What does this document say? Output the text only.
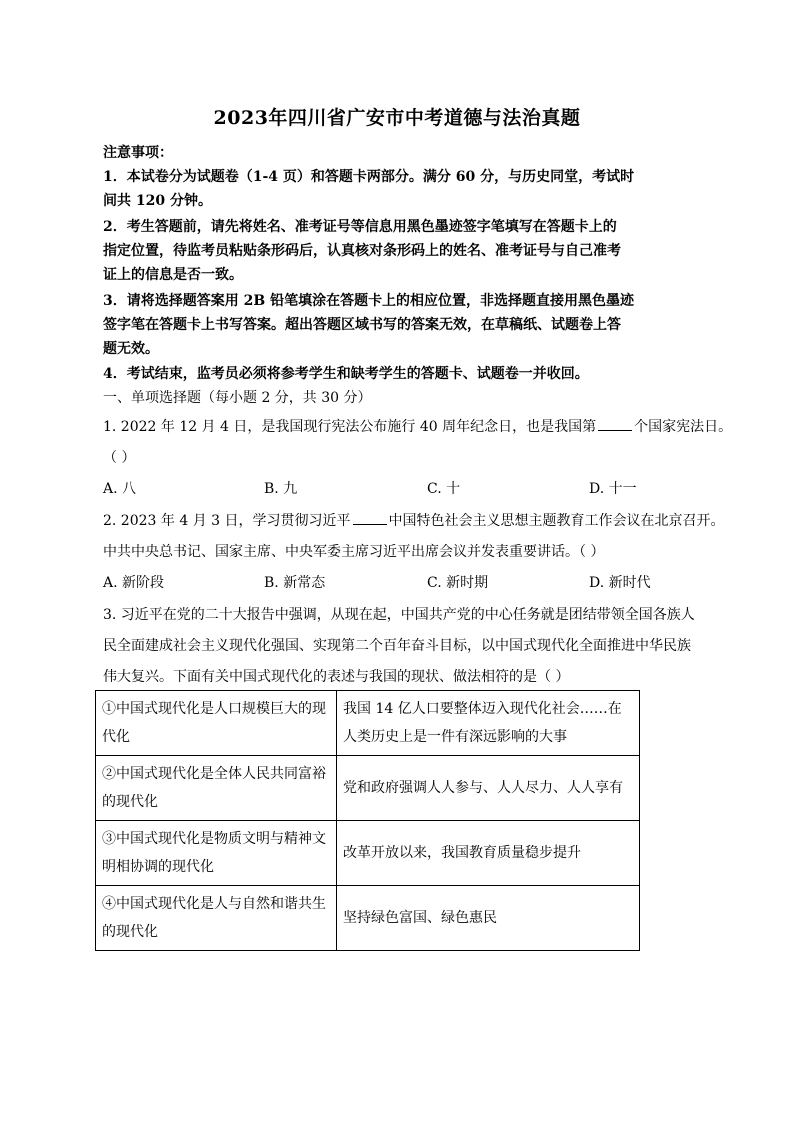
2023年四川省广安市中考道德与法治真题
注意事项：
1．本试卷分为试题卷（1-4 页）和答题卡两部分。满分 60 分，与历史同堂，考试时
间共 120 分钟。
2．考生答题前，请先将姓名、准考证号等信息用黑色墨迹签字笔填写在答题卡上的
指定位置，待监考员粘贴条形码后，认真核对条形码上的姓名、准考证号与自己准考
证上的信息是否一致。
3．请将选择题答案用 2B 铅笔填涂在答题卡上的相应位置，非选择题直接用黑色墨迹
签字笔在答题卡上书写答案。超出答题区域书写的答案无效，在草稿纸、试题卷上答
题无效。
4．考试结束，监考员必须将参考学生和缺考学生的答题卡、试题卷一并收回。
一、单项选择题（每小题 2 分，共 30 分）
1. 2022 年 12 月 4 日，是我国现行宪法公布施行 40 周年纪念日，也是我国第	个国家宪法日。
（ ）
A. 八	B. 九	C. 十	D. 十一
2. 2023 年 4 月 3 日，学习贯彻习近平	中国特色社会主义思想主题教育工作会议在北京召开。
中共中央总书记、国家主席、中央军委主席习近平出席会议并发表重要讲话。（ ）
A. 新阶段	B. 新常态	C. 新时期	D. 新时代
3. 习近平在党的二十大报告中强调，从现在起，中国共产党的中心任务就是团结带领全国各族人
民全面建成社会主义现代化强国、实现第二个百年奋斗目标，以中国式现代化全面推进中华民族
伟大复兴。下面有关中国式现代化的表述与我国的现状、做法相符的是（ ）
①中国式现代化是人口规模巨大的现代化	我国 14 亿人口要整体迈入现代化社会……在人类历史上是一件有深远影响的大事
②中国式现代化是全体人民共同富裕的现代化	党和政府强调人人参与、人人尽力、人人享有
③中国式现代化是物质文明与精神文明相协调的现代化	改革开放以来，我国教育质量稳步提升
④中国式现代化是人与自然和谐共生的现代化	坚持绿色富国、绿色惠民
